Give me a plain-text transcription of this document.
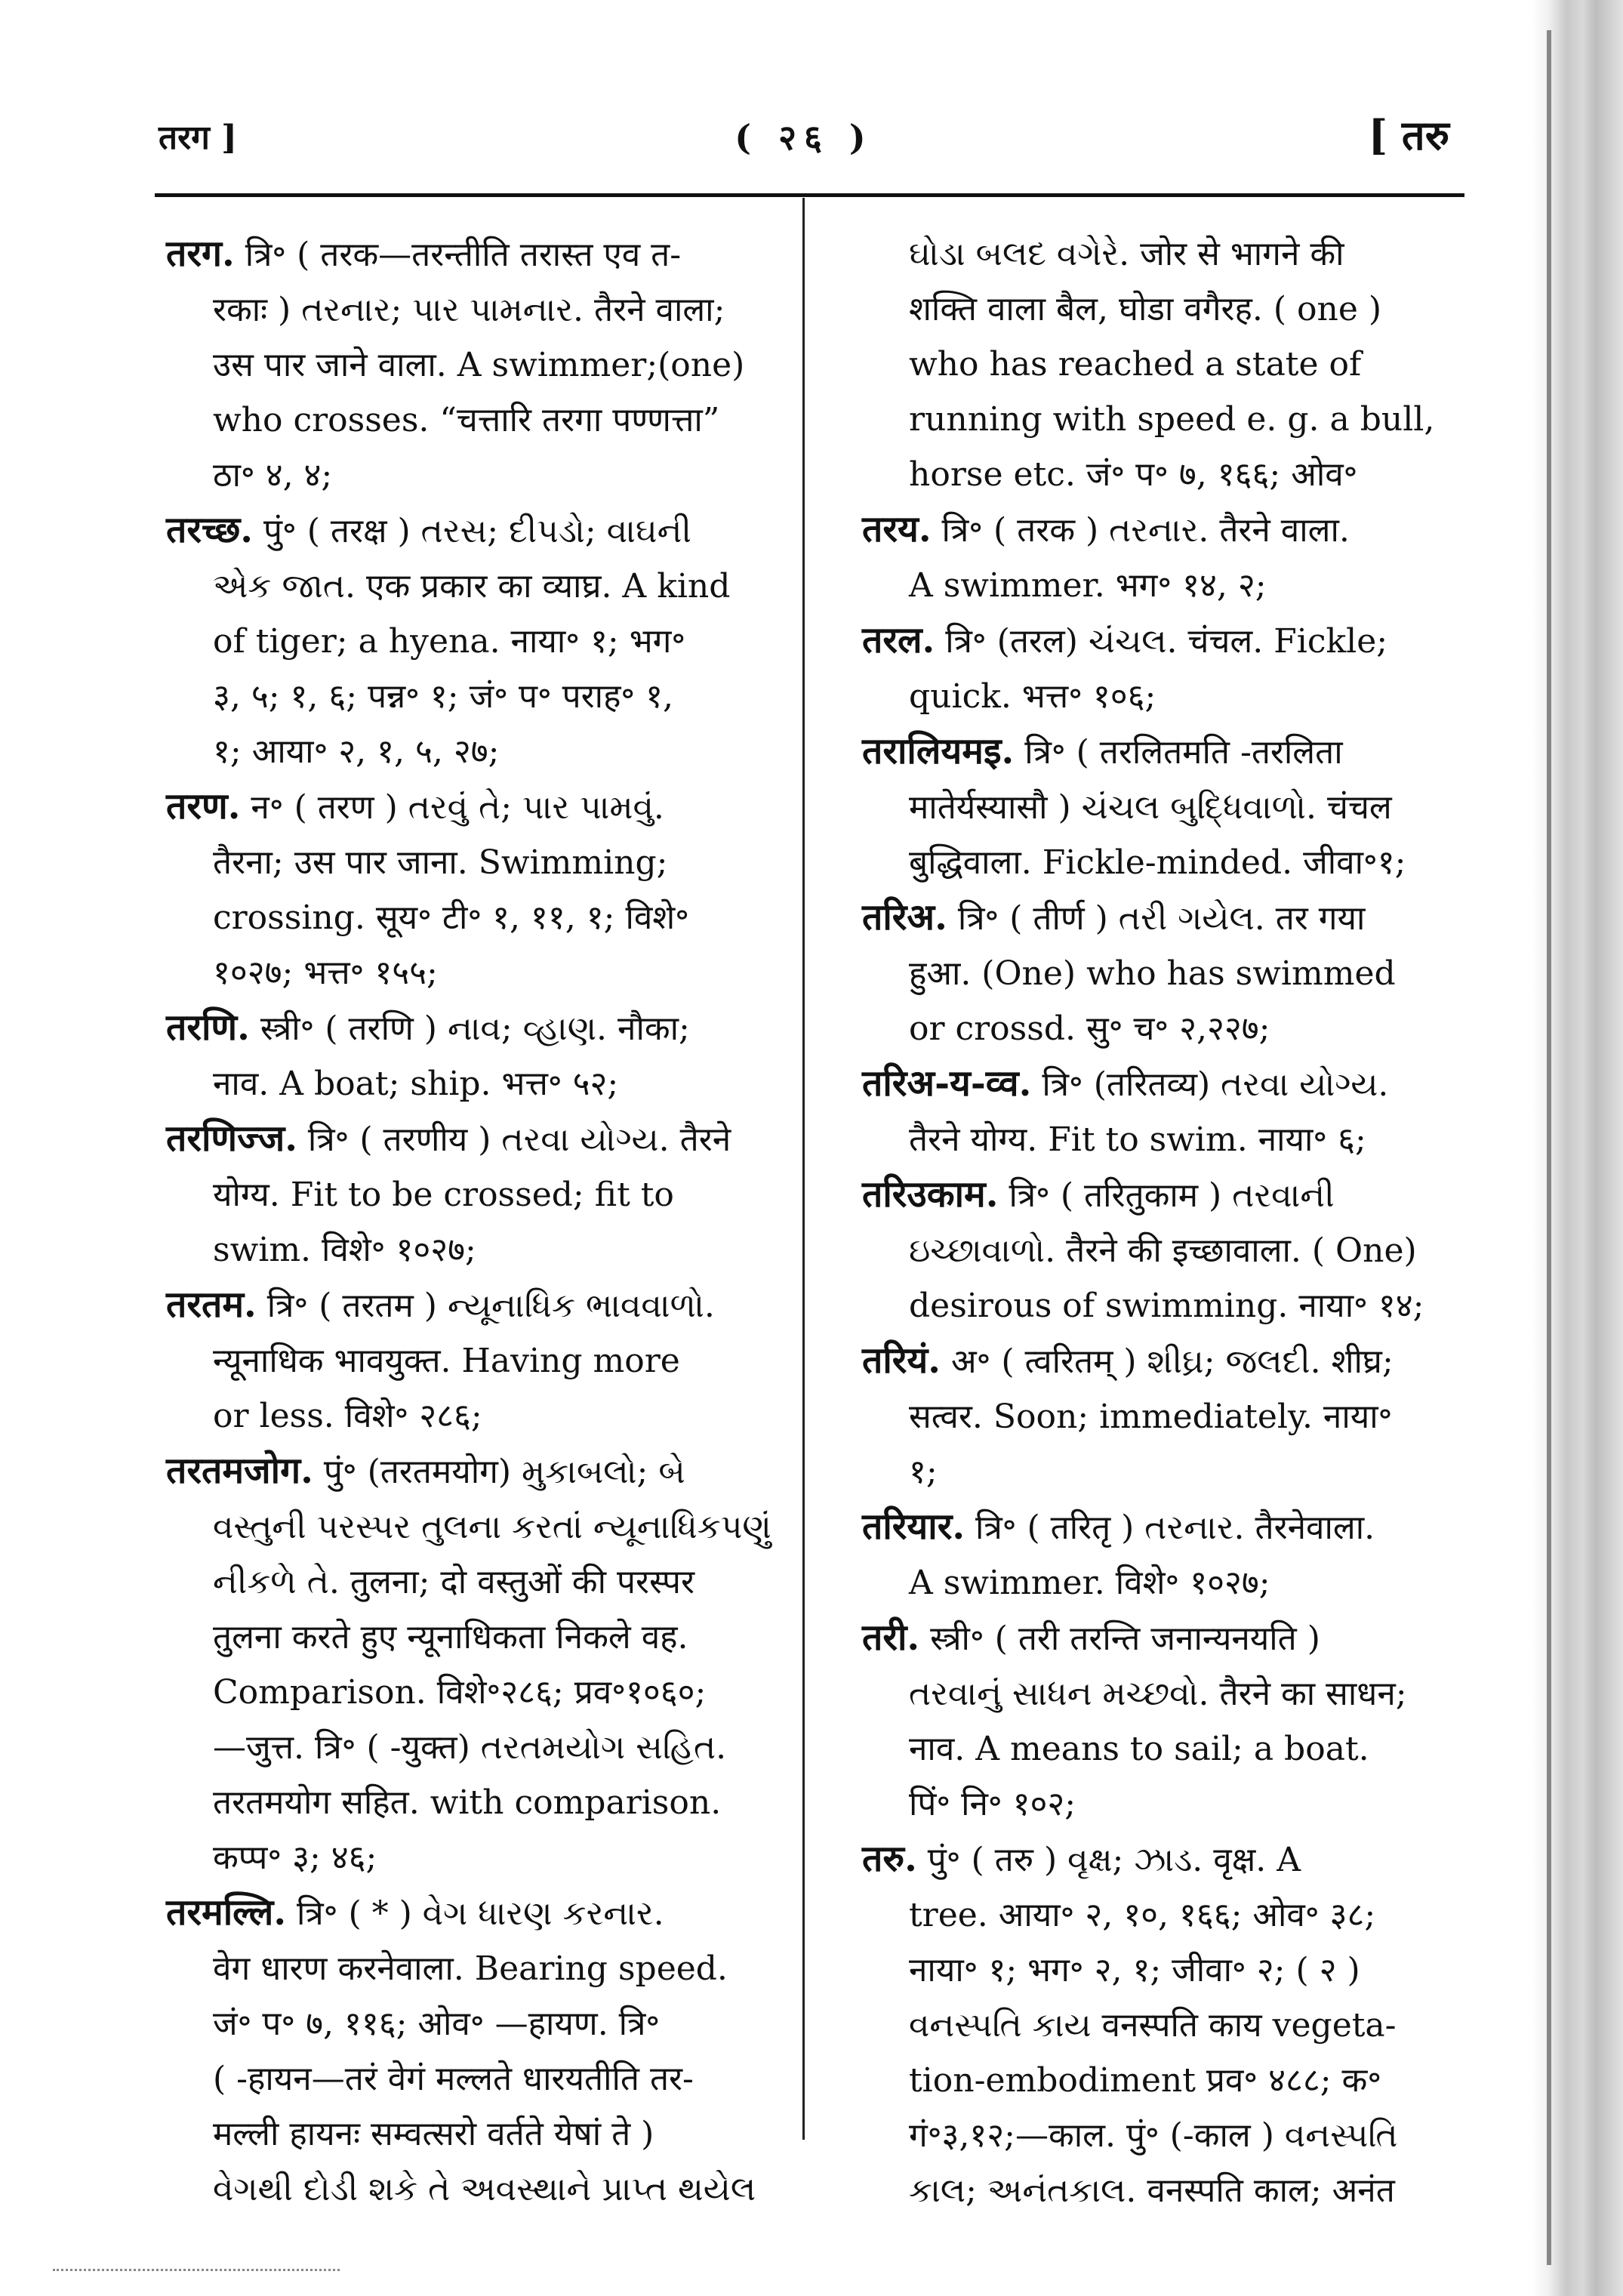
तरग ]	( २६ )	[ तरु

तरग. त्रि॰ ( तरक—तरन्तीति तरास्त एव त-
रकाः ) તરનાર; પાર પામનાર. तैरने वाला;
उस पार जाने वाला. A swimmer;(one)
who crosses. “चत्तारि तरगा पण्णत्ता”
ठा॰ ४, ४;

तरच्छ. पुं॰ ( तरक्ष ) તરસ; દીપડો; વાઘની
એક જાત. एक प्रकार का व्याघ्र. A kind
of tiger; a hyena. नाया॰ १; भग॰
३, ५; १, ६; पन्न॰ १; जं॰ प॰ पराह॰ १,
१; आया॰ २, १, ५, २७;

तरण. न॰ ( तरण ) તરવું તે; પાર પામવું.
तैरना; उस पार जाना. Swimming;
crossing. सूय॰ टी॰ १, ११, १; विशे॰
१०२७; भत्त॰ १५५;

तरणि. स्त्री॰ ( तरणि ) નાવ; વ્હાણ. नौका;
नाव. A boat; ship. भत्त॰ ५२;

तरणिज्ज. त्रि॰ ( तरणीय ) તરવા યોગ્ય. तैरने
योग्य. Fit to be crossed; fit to
swim. विशे॰ १०२७;

तरतम. त्रि॰ ( तरतम ) ન્યૂનાધિક ભાવવાળો.
न्यूनाधिक भावयुक्त. Having more
or less. विशे॰ २८६;

तरतमजोग. पुं॰ (तरतमयोग) મુકાબલો; બે
વસ્તુની પરસ્પર તુલના કરતાં ન્યૂનાધિકપણું
નીકળે તે. तुलना; दो वस्तुओं की परस्पर
तुलना करते हुए न्यूनाधिकता निकले वह.
Comparison. विशे॰२८६; प्रव॰१०६०;
—जुत्त. त्रि॰ ( -युक्त) તરતમયોગ સહિત.
तरतमयोग सहित. with comparison.
कप्प॰ ३; ४६;

तरमल्लि. त्रि॰ ( * ) વેગ ધારણ કરનાર.
वेग धारण करनेवाला. Bearing speed.
जं॰ प॰ ७, ११६; ओव॰ —हायण. त्रि॰
( -हायन—तरं वेगं मल्लते धारयतीति तर-
मल्ली हायनः सम्वत्सरो वर्तते येषां ते )
વેગથી દોડી શકે તે અવસ્થાને પ્રાપ્ત થયેલ

ઘોડા બલદ વગેરે. जोर से भागने की
शक्ति वाला बैल, घोडा वगैरह. ( one )
who has reached a state of
running with speed e. g. a bull,
horse etc. जं॰ प॰ ७, १६६; ओव॰

तरय. त्रि॰ ( तरक ) તરનાર. तैरने वाला.
A swimmer. भग॰ १४, २;

तरल. त्रि॰ (तरल) ચંચલ. चंचल. Fickle;
quick. भत्त॰ १०६;

तरालियमइ. त्रि॰ ( तरलितमति -तरलिता
मातेर्यस्यासौ ) ચંચલ બુદ્ધિવાળો. चंचल
बुद्धिवाला. Fickle-minded. जीवा॰१;

तरिअ. त्रि॰ ( तीर्ण ) તરી ગયેલ. तर गया
हुआ. (One) who has swimmed
or crossd. सु॰ च॰ २,२२७;

तरिअ-य-व्व. त्रि॰ (तरितव्य) તરવા યોગ્ય.
तैरने योग्य. Fit to swim. नाया॰ ६;

तरिउकाम. त्रि॰ ( तरितुकाम ) તરવાની
ઇચ્છાવાળો. तैरने की इच्छावाला. ( One)
desirous of swimming. नाया॰ १४;

तरियं. अ॰ ( त्वरितम् ) શીઘ્ર; જલદી. शीघ्र;
सत्वर. Soon; immediately. नाया॰
१;

तरियार. त्रि॰ ( तरितृ ) તરનાર. तैरनेवाला.
A swimmer. विशे॰ १०२७;

तरी. स्त्री॰ ( तरी तरन्ति जनान्यनयति )
તરવાનું સાધન મચ્છવો. तैरने का साधन;
नाव. A means to sail; a boat.
पिं॰ नि॰ १०२;

तरु. पुं॰ ( तरु ) વૃક્ષ; ઝાડ. वृक्ष. A
tree. आया॰ २, १०, १६६; ओव॰ ३८;
नाया॰ १; भग॰ २, १; जीवा॰ २; ( २ )
વનસ્પતિ કાય वनस्पति काय vegeta-
tion-embodiment प्रव॰ ४८८; क॰
गं॰३,१२;—काल. पुं॰ (-काल ) વનસ્પતિ
કાલ; અનંતકાલ. वनस्पति काल; अनंत
